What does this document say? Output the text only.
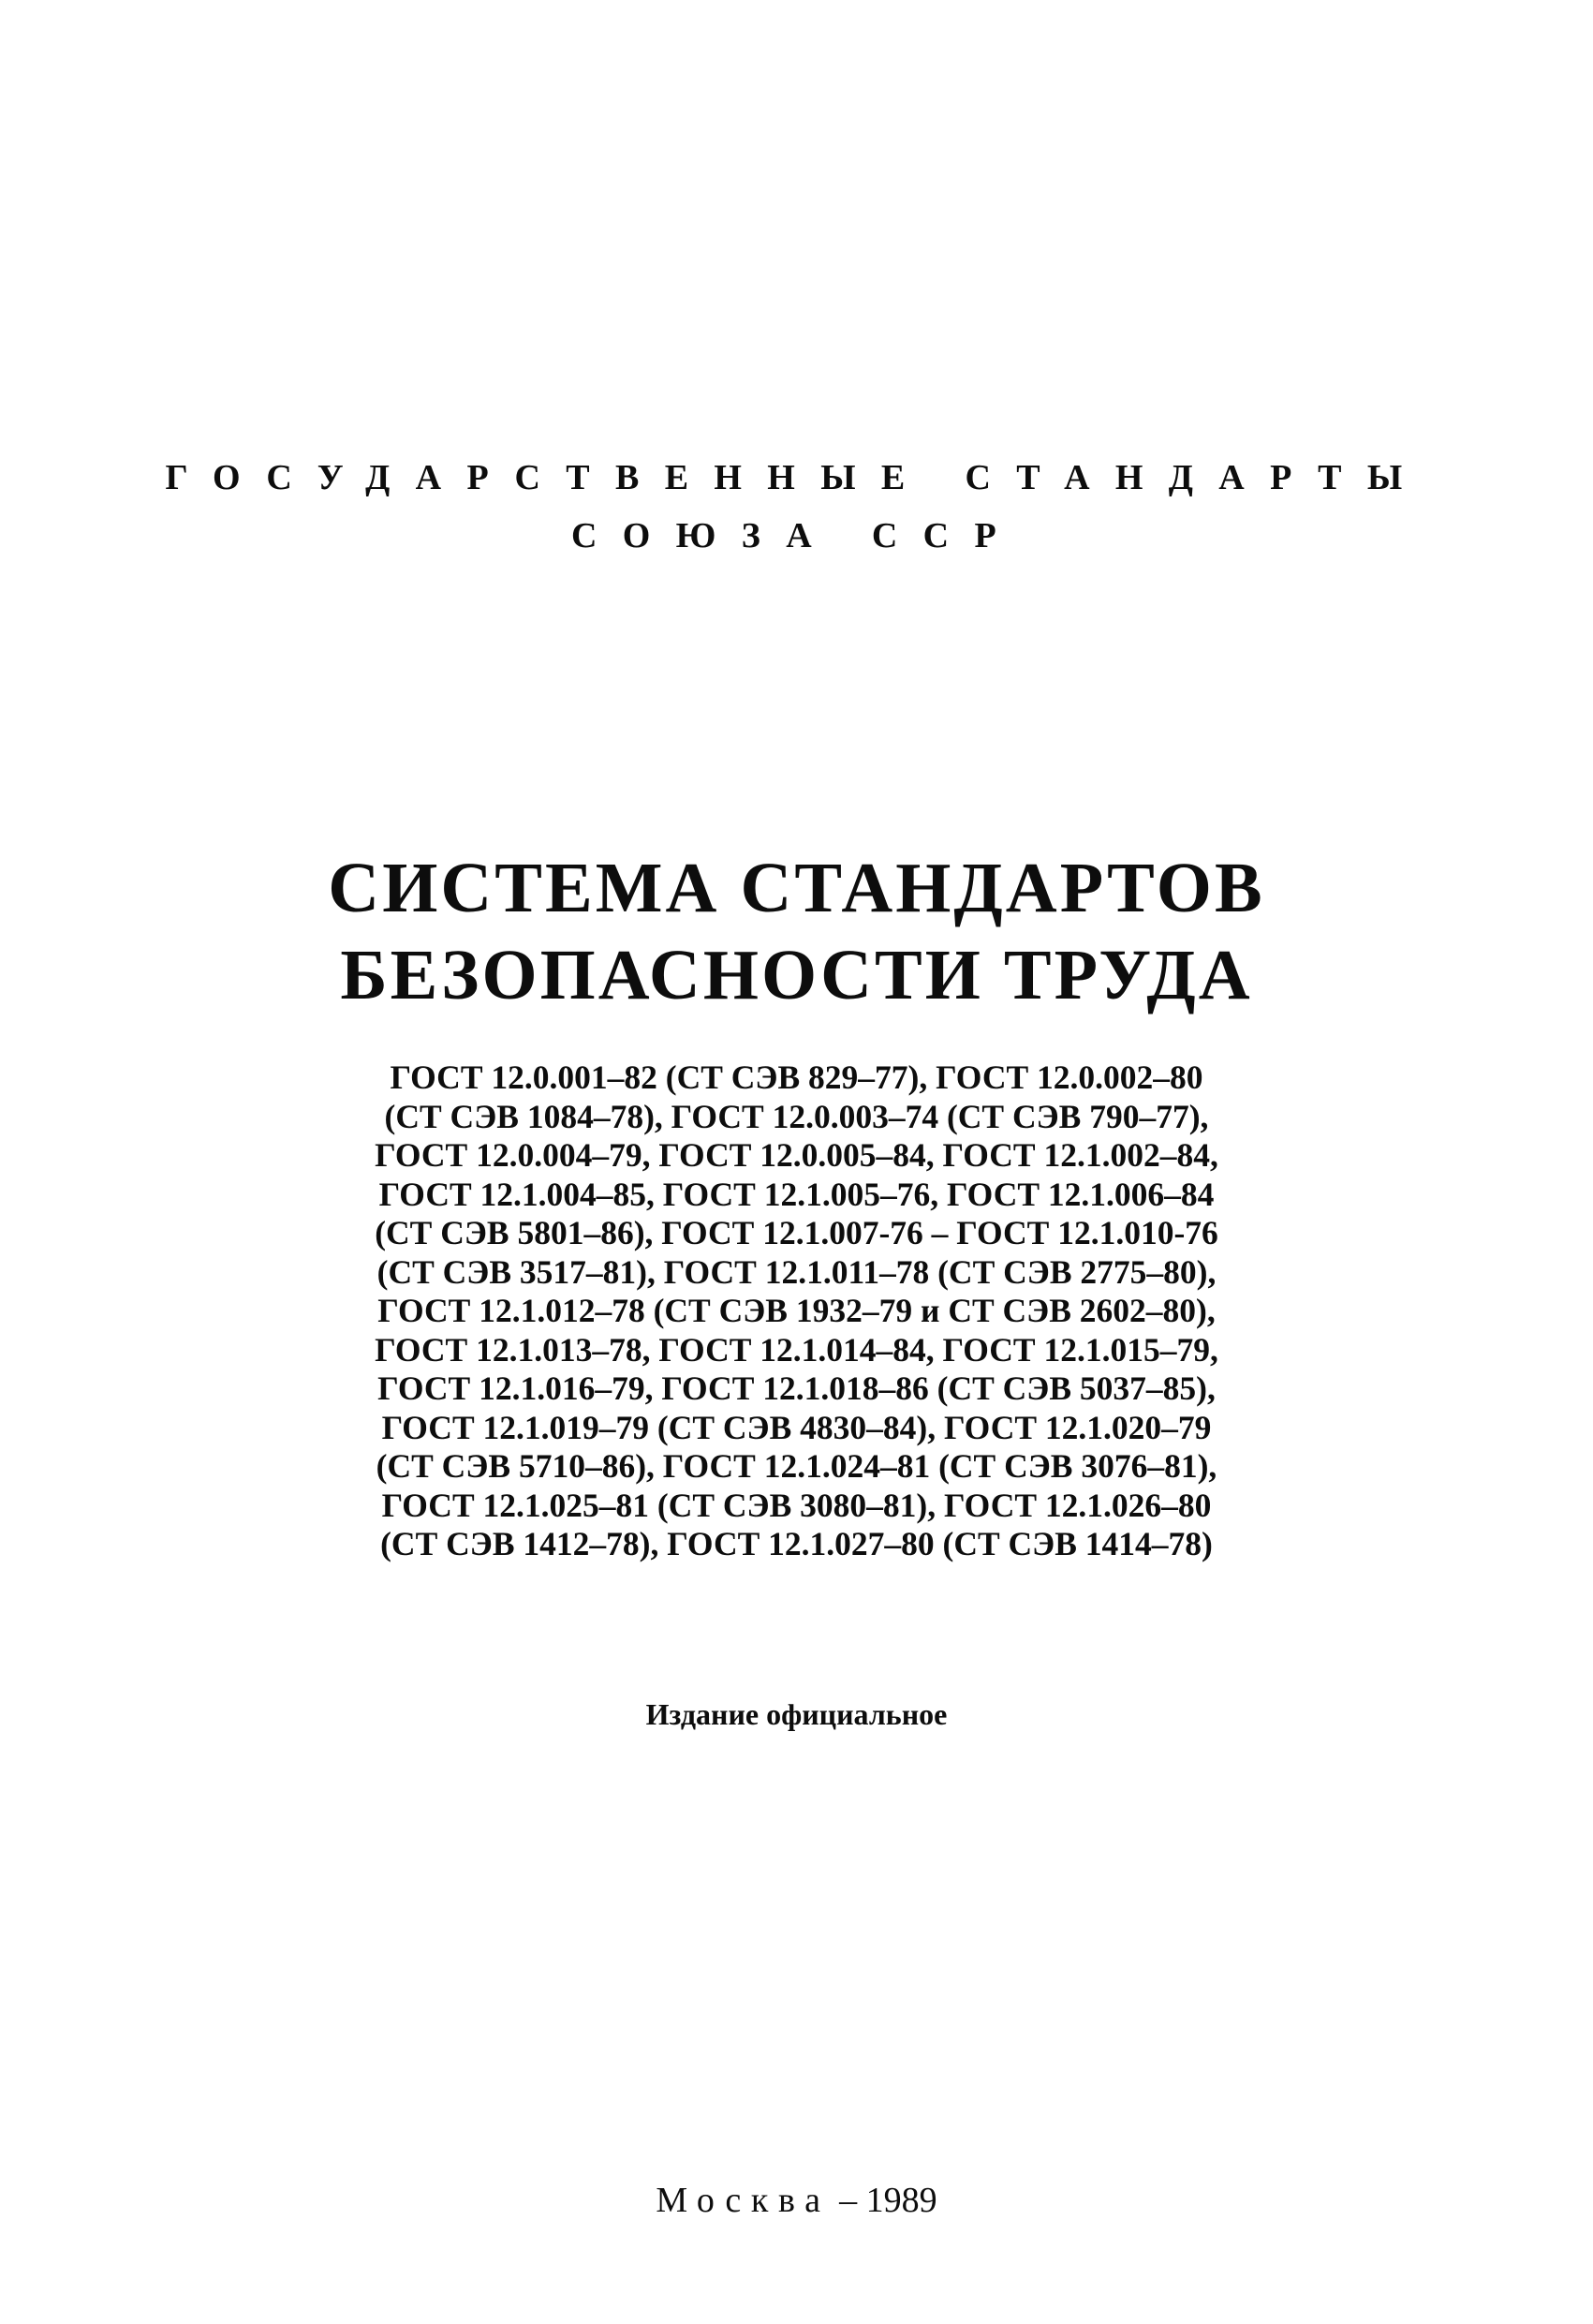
ГОСУДАРСТВЕННЫЕ СТАНДАРТЫ
СОЮЗА ССР
СИСТЕМА СТАНДАРТОВ
БЕЗОПАСНОСТИ ТРУДА
ГОСТ 12.0.001–82 (СТ СЭВ 829–77), ГОСТ 12.0.002–80
(СТ СЭВ 1084–78), ГОСТ 12.0.003–74 (СТ СЭВ 790–77),
ГОСТ 12.0.004–79, ГОСТ 12.0.005–84, ГОСТ 12.1.002–84,
ГОСТ 12.1.004–85, ГОСТ 12.1.005–76, ГОСТ 12.1.006–84
(СТ СЭВ 5801–86), ГОСТ 12.1.007-76 – ГОСТ 12.1.010-76
(СТ СЭВ 3517–81), ГОСТ 12.1.011–78 (СТ СЭВ 2775–80),
ГОСТ 12.1.012–78 (СТ СЭВ 1932–79 и СТ СЭВ 2602–80),
ГОСТ 12.1.013–78, ГОСТ 12.1.014–84, ГОСТ 12.1.015–79,
ГОСТ 12.1.016–79, ГОСТ 12.1.018–86 (СТ СЭВ 5037–85),
ГОСТ 12.1.019–79 (СТ СЭВ 4830–84), ГОСТ 12.1.020–79
(СТ СЭВ 5710–86), ГОСТ 12.1.024–81 (СТ СЭВ 3076–81),
ГОСТ 12.1.025–81 (СТ СЭВ 3080–81), ГОСТ 12.1.026–80
(СТ СЭВ 1412–78), ГОСТ 12.1.027–80 (СТ СЭВ 1414–78)
Издание официальное
Москва – 1989
